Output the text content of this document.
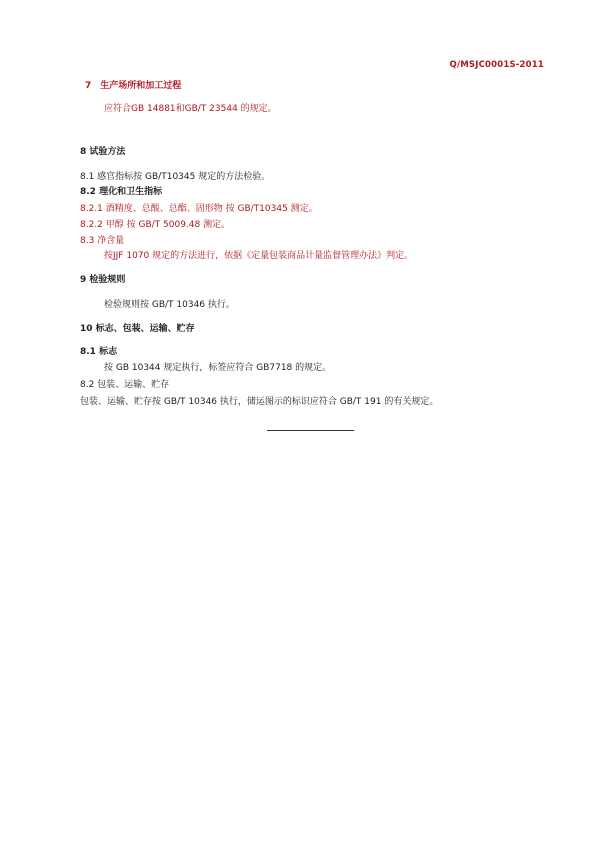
Q/MSJC0001S-2011
7　生产场所和加工过程
应符合GB 14881和GB/T 23544 的规定。
8 试验方法
8.1 感官指标按 GB/T10345 规定的方法检验。
8.2 理化和卫生指标
8.2.1 酒精度、总酸、总酯、固形物 按 GB/T10345 测定。
8.2.2 甲醇 按 GB/T 5009.48 测定。
8.3 净含量
按JJF 1070 规定的方法进行，依据《定量包装商品计量监督管理办法》判定。
9 检验规则
检验规则按 GB/T 10346 执行。
10 标志、包装、运输、贮存
8.1 标志
按 GB 10344 规定执行，标签应符合 GB7718 的规定。
8.2 包装、运输、贮存
包装、运输、贮存按 GB/T 10346 执行，储运图示的标识应符合 GB/T 191 的有关规定。
